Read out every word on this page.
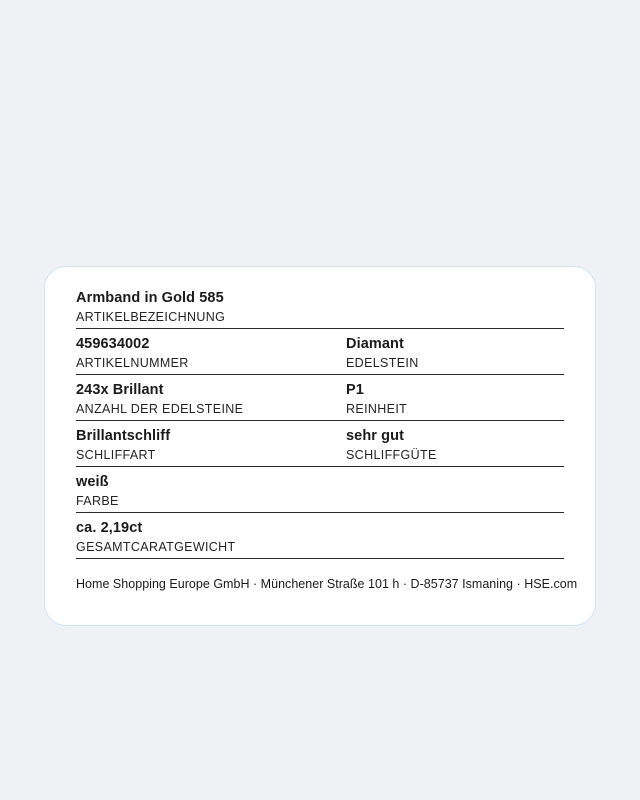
Armband in Gold 585
ARTIKELBEZEICHNUNG
459634002
ARTIKELNUMMER
Diamant
EDELSTEIN
243x Brillant
ANZAHL DER EDELSTEINE
P1
REINHEIT
Brillantschliff
SCHLIFFART
sehr gut
SCHLIFFGÜTE
weiß
FARBE
ca. 2,19ct
GESAMTCARATGEWICHT
Home Shopping Europe GmbH · Münchener Straße 101 h · D-85737 Ismaning · HSE.com
